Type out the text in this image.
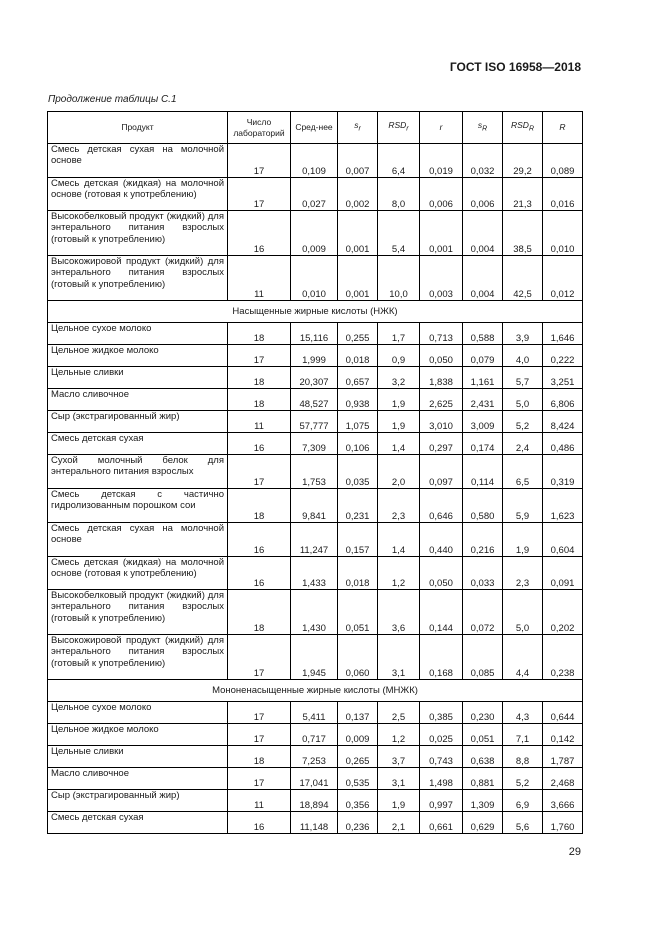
ГОСТ ISO 16958—2018
Продолжение таблицы С.1
Продукт	Число лабораторий	Сред-нее	$s_r$	$RSD_r$	r	$s_R$	$RSD_R$	R
Смесь детская сухая на молочной основе	17	0,109	0,007	6,4	0,019	0,032	29,2	0,089
Смесь детская (жидкая) на молочной основе (готовая к употреблению)	17	0,027	0,002	8,0	0,006	0,006	21,3	0,016
Высокобелковый продукт (жидкий) для энтерального питания взрослых (готовый к употреблению)	16	0,009	0,001	5,4	0,001	0,004	38,5	0,010
Высокожировой продукт (жидкий) для энтерального питания взрослых (готовый к употреблению)	11	0,010	0,001	10,0	0,003	0,004	42,5	0,012
Насыщенные жирные кислоты (НЖК)								
Цельное сухое молоко	18	15,116	0,255	1,7	0,713	0,588	3,9	1,646
Цельное жидкое молоко	17	1,999	0,018	0,9	0,050	0,079	4,0	0,222
Цельные сливки	18	20,307	0,657	3,2	1,838	1,161	5,7	3,251
Масло сливочное	18	48,527	0,938	1,9	2,625	2,431	5,0	6,806
Сыр (экстрагированный жир)	11	57,777	1,075	1,9	3,010	3,009	5,2	8,424
Смесь детская сухая	16	7,309	0,106	1,4	0,297	0,174	2,4	0,486
Сухой молочный белок для энтерального питания взрослых	17	1,753	0,035	2,0	0,097	0,114	6,5	0,319
Смесь детская с частично гидролизованным порошком сои	18	9,841	0,231	2,3	0,646	0,580	5,9	1,623
Смесь детская сухая на молочной основе	16	11,247	0,157	1,4	0,440	0,216	1,9	0,604
Смесь детская (жидкая) на молочной основе (готовая к употреблению)	16	1,433	0,018	1,2	0,050	0,033	2,3	0,091
Высокобелковый продукт (жидкий) для энтерального питания взрослых (готовый к употреблению)	18	1,430	0,051	3,6	0,144	0,072	5,0	0,202
Высокожировой продукт (жидкий) для энтерального питания взрослых (готовый к употреблению)	17	1,945	0,060	3,1	0,168	0,085	4,4	0,238
Мононенасыщенные жирные кислоты (МНЖК)								
Цельное сухое молоко	17	5,411	0,137	2,5	0,385	0,230	4,3	0,644
Цельное жидкое молоко	17	0,717	0,009	1,2	0,025	0,051	7,1	0,142
Цельные сливки	18	7,253	0,265	3,7	0,743	0,638	8,8	1,787
Масло сливочное	17	17,041	0,535	3,1	1,498	0,881	5,2	2,468
Сыр (экстрагированный жир)	11	18,894	0,356	1,9	0,997	1,309	6,9	3,666
Смесь детская сухая	16	11,148	0,236	2,1	0,661	0,629	5,6	1,760
29
